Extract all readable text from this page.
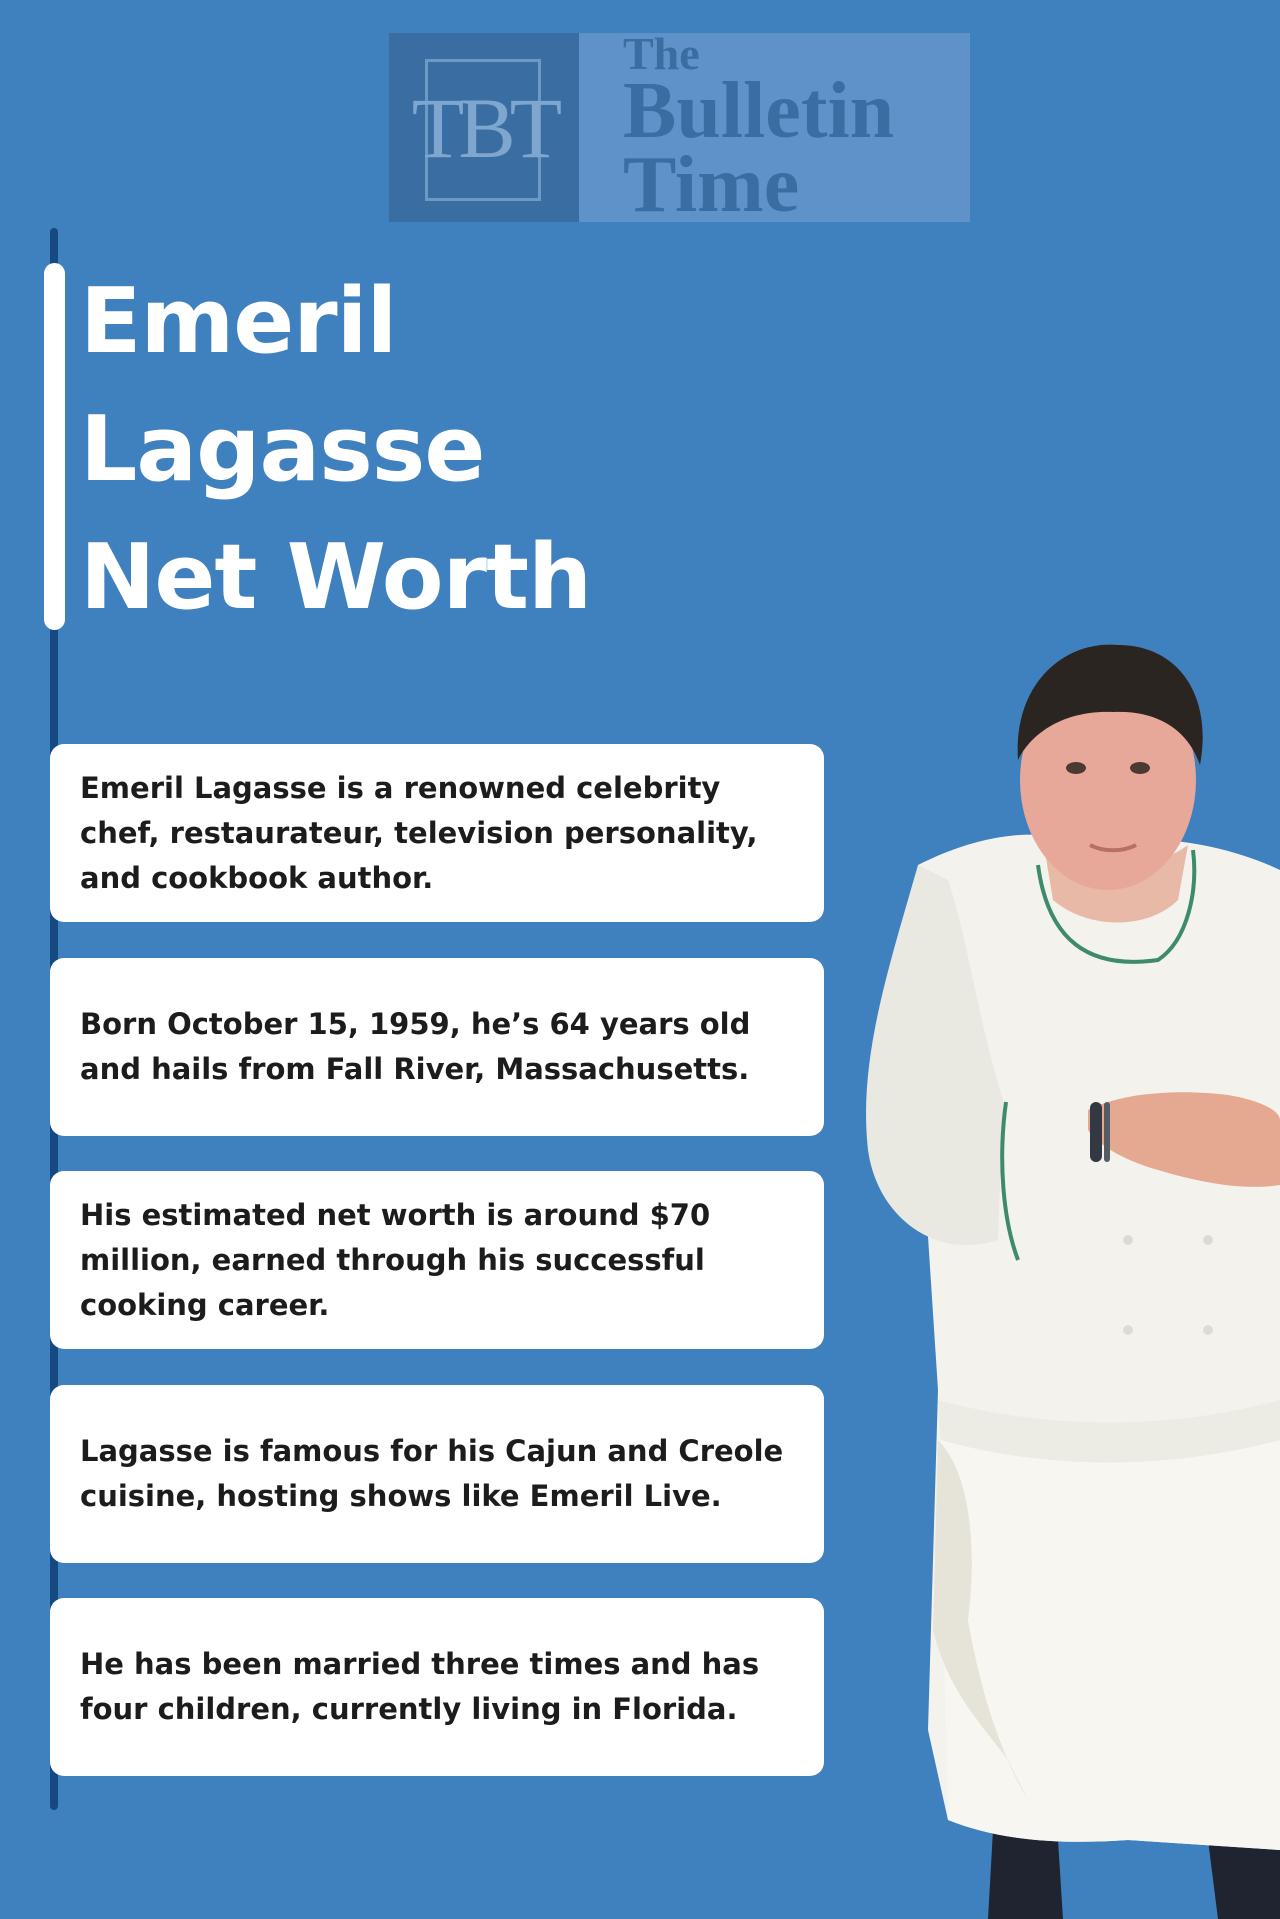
TBT
The
Bulletin
Time
Emeril
Lagasse
Net Worth
Emeril Lagasse is a renowned celebrity chef, restaurateur, television personality, and cookbook author.
Born October 15, 1959, he’s 64 years old and hails from Fall River, Massachusetts.
His estimated net worth is around $70 million, earned through his successful cooking career.
Lagasse is famous for his Cajun and Creole cuisine, hosting shows like Emeril Live.
He has been married three times and has four children, currently living in Florida.
